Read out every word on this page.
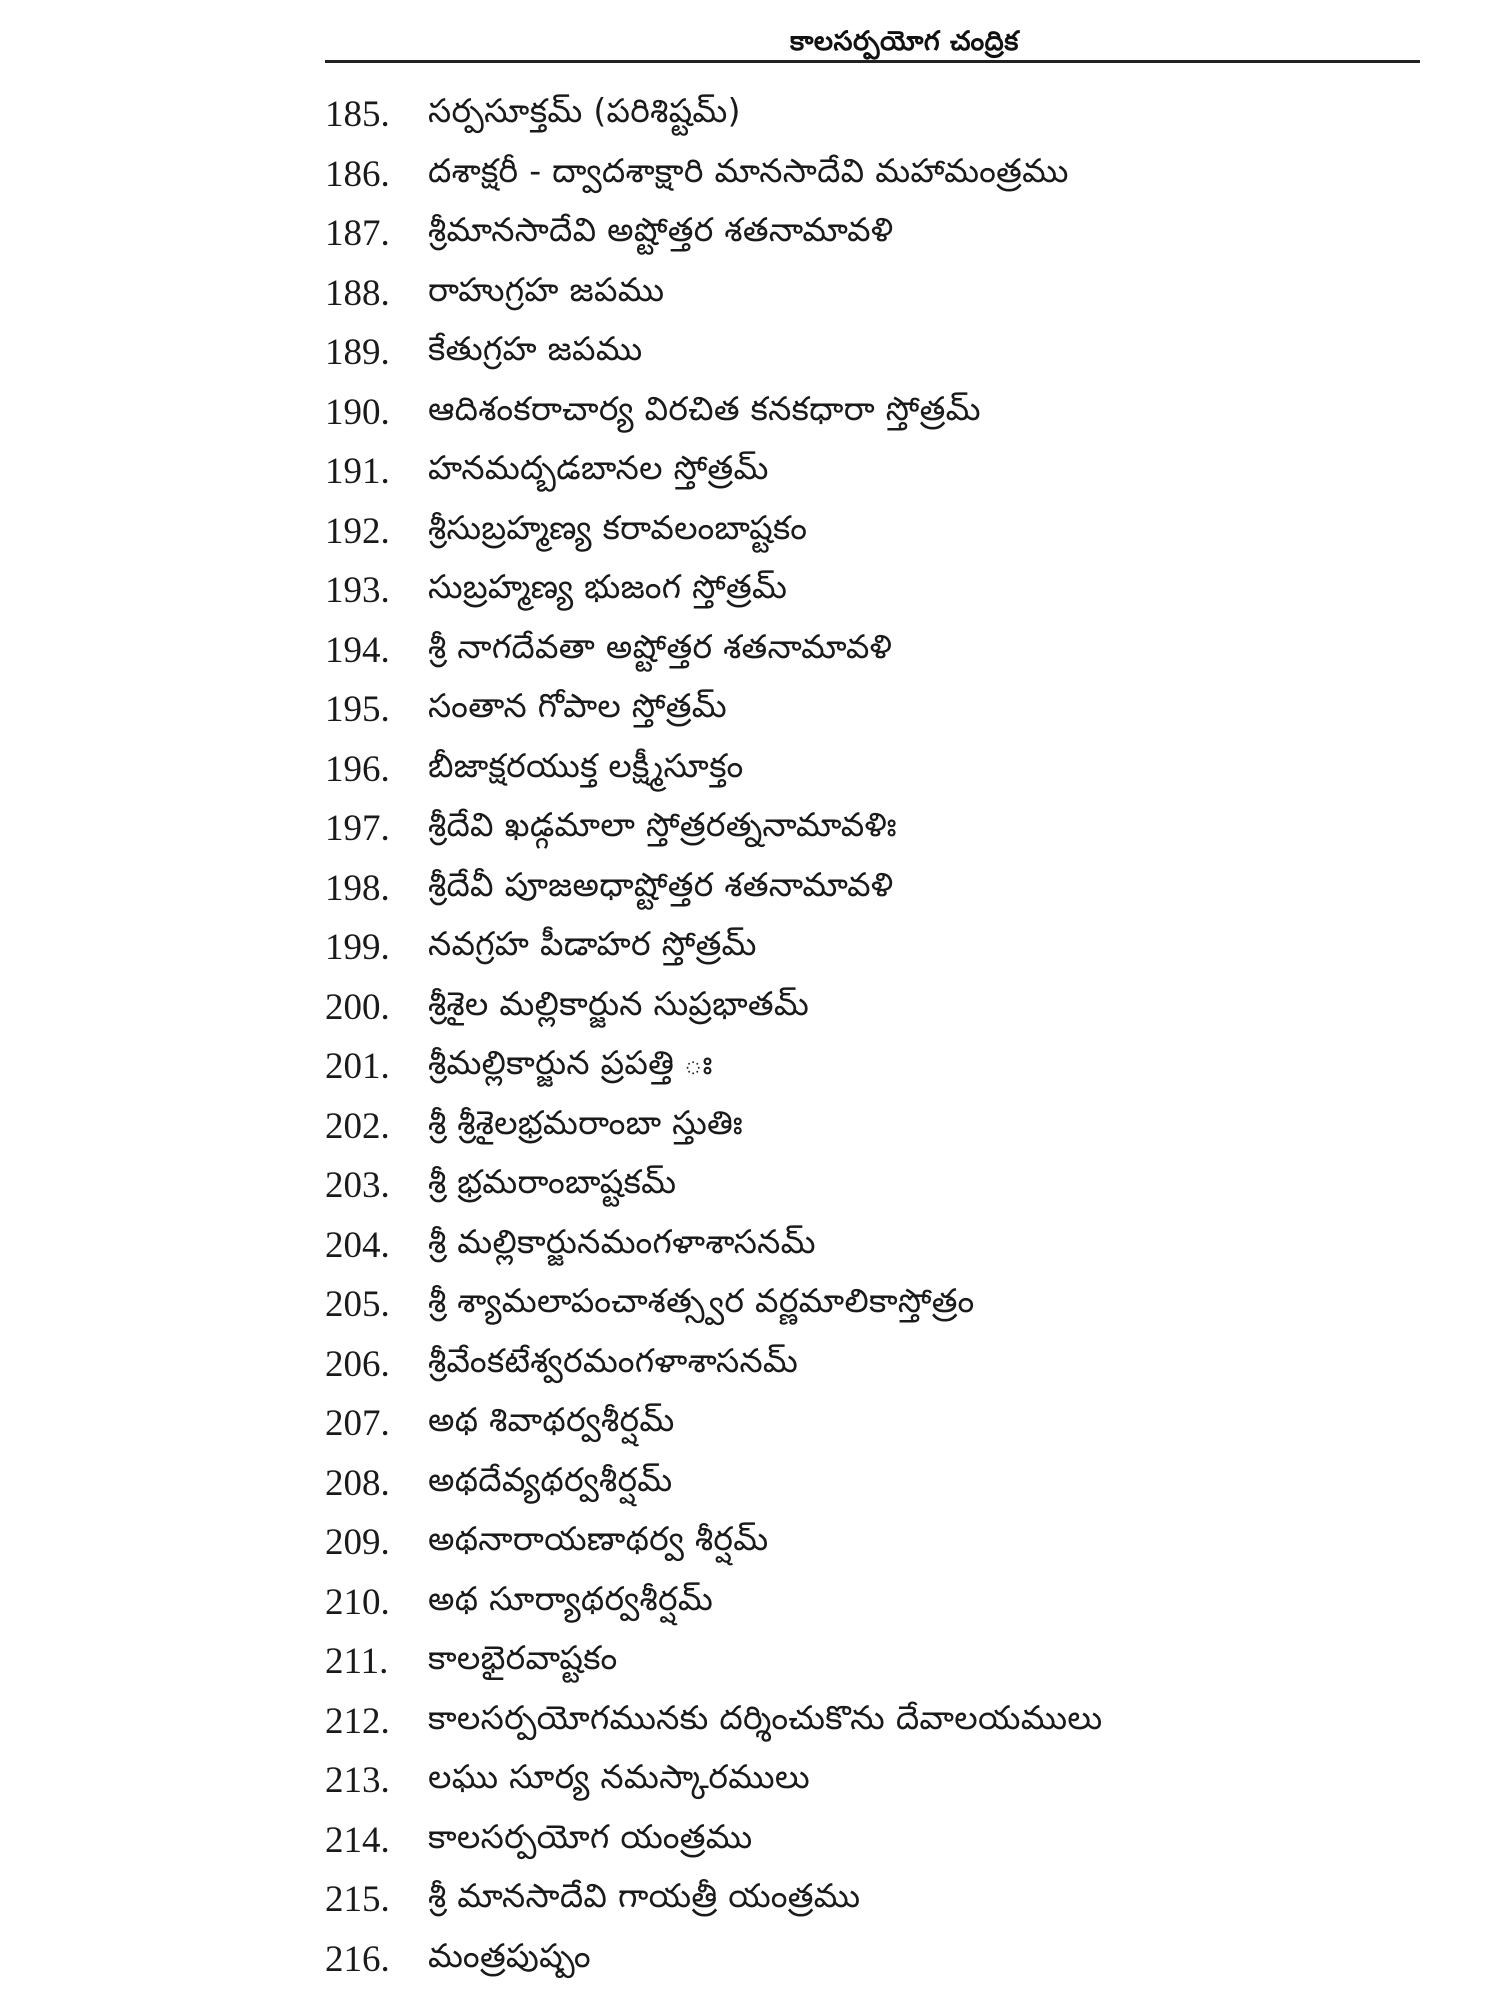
కాలసర్పయోగ చంద్రిక
185.	సర్పసూక్తమ్ (పరిశిష్టమ్)
186.	దశాక్షరీ - ద్వాదశాక్షారి మానసాదేవి మహామంత్రము
187.	శ్రీమానసాదేవి అష్టోత్తర శతనామావళి
188.	రాహుగ్రహ జపము
189.	కేతుగ్రహ జపము
190.	ఆదిశంకరాచార్య విరచిత కనకధారా స్తోత్రమ్
191.	హనమద్బడబానల స్తోత్రమ్
192.	శ్రీసుబ్రహ్మణ్య కరావలంబాష్టకం
193.	సుబ్రహ్మణ్య భుజంగ స్తోత్రమ్
194.	శ్రీ నాగదేవతా అష్టోత్తర శతనామావళి
195.	సంతాన గోపాల స్తోత్రమ్
196.	బీజాక్షరయుక్త లక్ష్మీసూక్తం
197.	శ్రీదేవి ఖడ్గమాలా స్తోత్రరత్ననామావళిః
198.	శ్రీదేవీ పూజఅధాష్టోత్తర శతనామావళి
199.	నవగ్రహ పీడాహర స్తోత్రమ్
200.	శ్రీశైల మల్లికార్జున సుప్రభాతమ్
201.	శ్రీమల్లికార్జున ప్రపత్తి ః
202.	శ్రీ శ్రీశైలభ్రమరాంబా స్తుతిః
203.	శ్రీ భ్రమరాంబాష్టకమ్
204.	శ్రీ మల్లికార్జునమంగళాశాసనమ్
205.	శ్రీ శ్యామలాపంచాశత్స్వర వర్ణమాలికాస్తోత్రం
206.	శ్రీవేంకటేశ్వరమంగళాశాసనమ్
207.	అథ శివాథర్వశీర్షమ్
208.	అథదేవ్యథర్వశీర్షమ్
209.	అథనారాయణాథర్వ శీర్షమ్
210.	అథ సూర్యాథర్వశీర్షమ్
211.	కాలభైరవాష్టకం
212.	కాలసర్పయోగమునకు దర్శించుకొను దేవాలయములు
213.	లఘు సూర్య నమస్కారములు
214.	కాలసర్పయోగ యంత్రము
215.	శ్రీ మానసాదేవి గాయత్రీ యంత్రము
216.	మంత్రపుష్పం
